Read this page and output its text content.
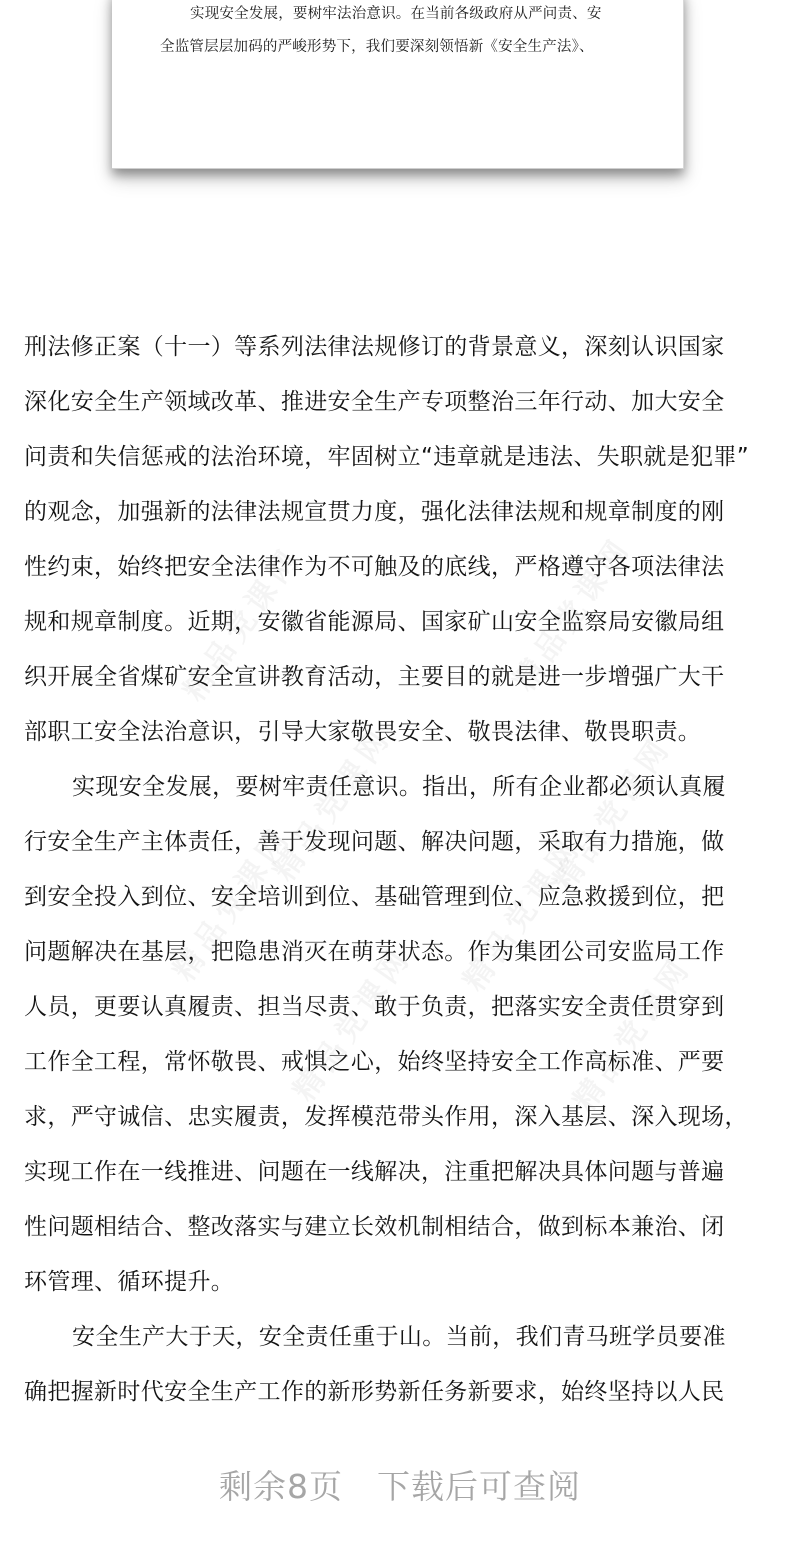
实现安全发展，要树牢法治意识。在当前各级政府从严问责、安
全监管层层加码的严峻形势下，我们要深刻领悟新《安全生产法》、
精品党课网	精品党课网
精品党课网	精品党课网
精品党课网	精品党课网
精品党课网	精品党课网
刑法修正案（十一）等系列法律法规修订的背景意义，深刻认识国家
深化安全生产领域改革、推进安全生产专项整治三年行动、加大安全
问责和失信惩戒的法治环境，牢固树立“违章就是违法、失职就是犯罪”
的观念，加强新的法律法规宣贯力度，强化法律法规和规章制度的刚
性约束，始终把安全法律作为不可触及的底线，严格遵守各项法律法
规和规章制度。近期，安徽省能源局、国家矿山安全监察局安徽局组
织开展全省煤矿安全宣讲教育活动，主要目的就是进一步增强广大干
部职工安全法治意识，引导大家敬畏安全、敬畏法律、敬畏职责。
实现安全发展，要树牢责任意识。指出，所有企业都必须认真履
行安全生产主体责任，善于发现问题、解决问题，采取有力措施，做
到安全投入到位、安全培训到位、基础管理到位、应急救援到位，把
问题解决在基层，把隐患消灭在萌芽状态。作为集团公司安监局工作
人员，更要认真履责、担当尽责、敢于负责，把落实安全责任贯穿到
工作全工程，常怀敬畏、戒惧之心，始终坚持安全工作高标准、严要
求，严守诚信、忠实履责，发挥模范带头作用，深入基层、深入现场，
实现工作在一线推进、问题在一线解决，注重把解决具体问题与普遍
性问题相结合、整改落实与建立长效机制相结合，做到标本兼治、闭
环管理、循环提升。
安全生产大于天，安全责任重于山。当前，我们青马班学员要准
确把握新时代安全生产工作的新形势新任务新要求，始终坚持以人民
剩余8页 下载后可查阅
